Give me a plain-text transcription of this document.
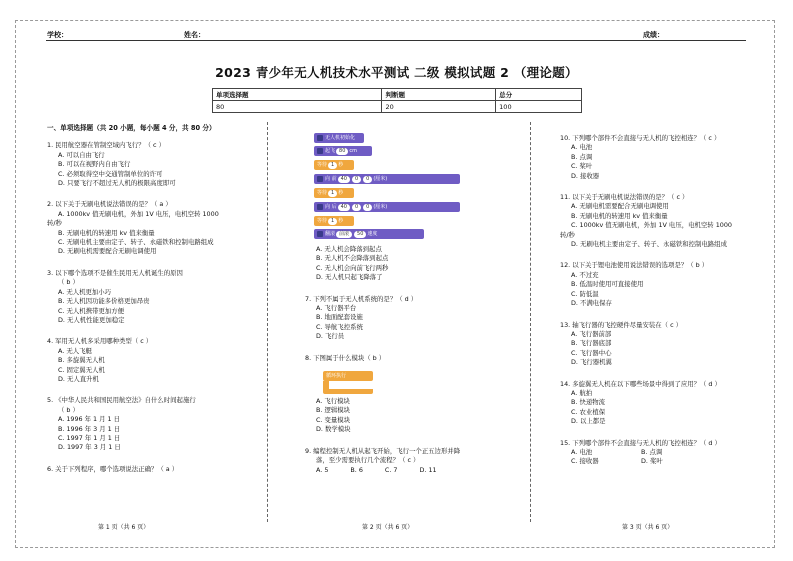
学校：	姓名：	成绩：
2023 青少年无人机技术水平测试 二级 模拟试题 2 （理论题）
单项选择题	判断题	总分
80	20	100
一、单项选择题（共 20 小题，每小题 4 分，共 80 分）
1. 民用航空器在管制空域内飞行？（ c ）
A. 可以自由飞行
B. 可以在视野内自由飞行
C. 必须取得空中交通管制单位的许可
D. 只要飞行不超过无人机的极限高度即可
2. 以下关于无刷电机说法错误的是？（ a ）
A. 1000kv 值无刷电机，外加 1V 电压，电机空转 1000
转/秒
B. 无刷电机的转速用 kv 值来衡量
C. 无刷电机主要由定子、转子、永磁铁和控制电路组成
D. 无刷电机需要配合无刷电调使用
3. 以下哪个选项不是催生民用无人机诞生的原因
（ b ）
A. 无人机更加小巧
B. 无人机因功能多价格更加昂贵
C. 无人机携带更加方便
D. 无人机性能更加稳定
4. 军用无人机多采用哪种类型（ c ）
A. 无人飞艇
B. 多旋翼无人机
C. 固定翼无人机
D. 无人直升机
5. 《中华人民共和国民用航空法》自什么时间起施行
（ b ）
A. 1996 年 1 月 1 日
B. 1996 年 3 月 1 日
C. 1997 年 1 月 1 日
D. 1997 年 3 月 1 日
6. 关于下列程序，哪个选项说法正确？（ a ）
无人机初始化
起飞 80 cm
等待 1 秒
向 前 40 0 0 (厘米)
等待 1 秒
向 后 40 0 0 (厘米)
等待 1 秒
翻滚 前滚 50 速度
A. 无人机会降落到起点
B. 无人机不会降落到起点
C. 无人机会向前飞行两秒
D. 无人机只起飞降落了
7. 下列不属于无人机系统的是？（ d ）
A. 飞行器平台
B. 地面配套设施
C. 导航飞控系统
D. 飞行员
8. 下图属于什么模块（ b ）
循环执行
A. 飞行模块
B. 逻辑模块
C. 变量模块
D. 数学模块
9. 编程控制无人机从起飞开始，飞行一个正五边形并降
落，至少需要执行几个流程？（ c ）
A. 5	B. 6	C. 7	D. 11
10. 下列哪个部件不会直接与无人机的飞控相连？（ c ）
A. 电池
B. 点调
C. 桨叶
D. 接收器
11. 以下关于无刷电机说法错误的是？（ c ）
A. 无刷电机需要配合无刷电调使用
B. 无刷电机的转速用 kv 值来衡量
C. 1000kv 值无刷电机，外加 1V 电压，电机空转 1000
转/秒
D. 无刷电机主要由定子、转子、永磁铁和控制电路组成
12. 以下关于锂电池使用说法错误的选项是？（ b ）
A. 不过充
B. 低温时使用可直接使用
C. 防低温
D. 不满电保存
13. 轴飞行器的飞控硬件尽量安装在（ c ）
A. 飞行器前部
B. 飞行器底部
C. 飞行器中心
D. 飞行器机翼
14. 多旋翼无人机在以下哪些场景中得到了应用？（ d ）
A. 航拍
B. 快递物流
C. 农业植保
D. 以上都是
15. 下列哪个部件不会直接与无人机的飞控相连？（ d ）
A. 电池	B. 点调
C. 接收器	D. 桨叶
第 1 页（共 6 页）	第 2 页（共 6 页）	第 3 页（共 6 页）
